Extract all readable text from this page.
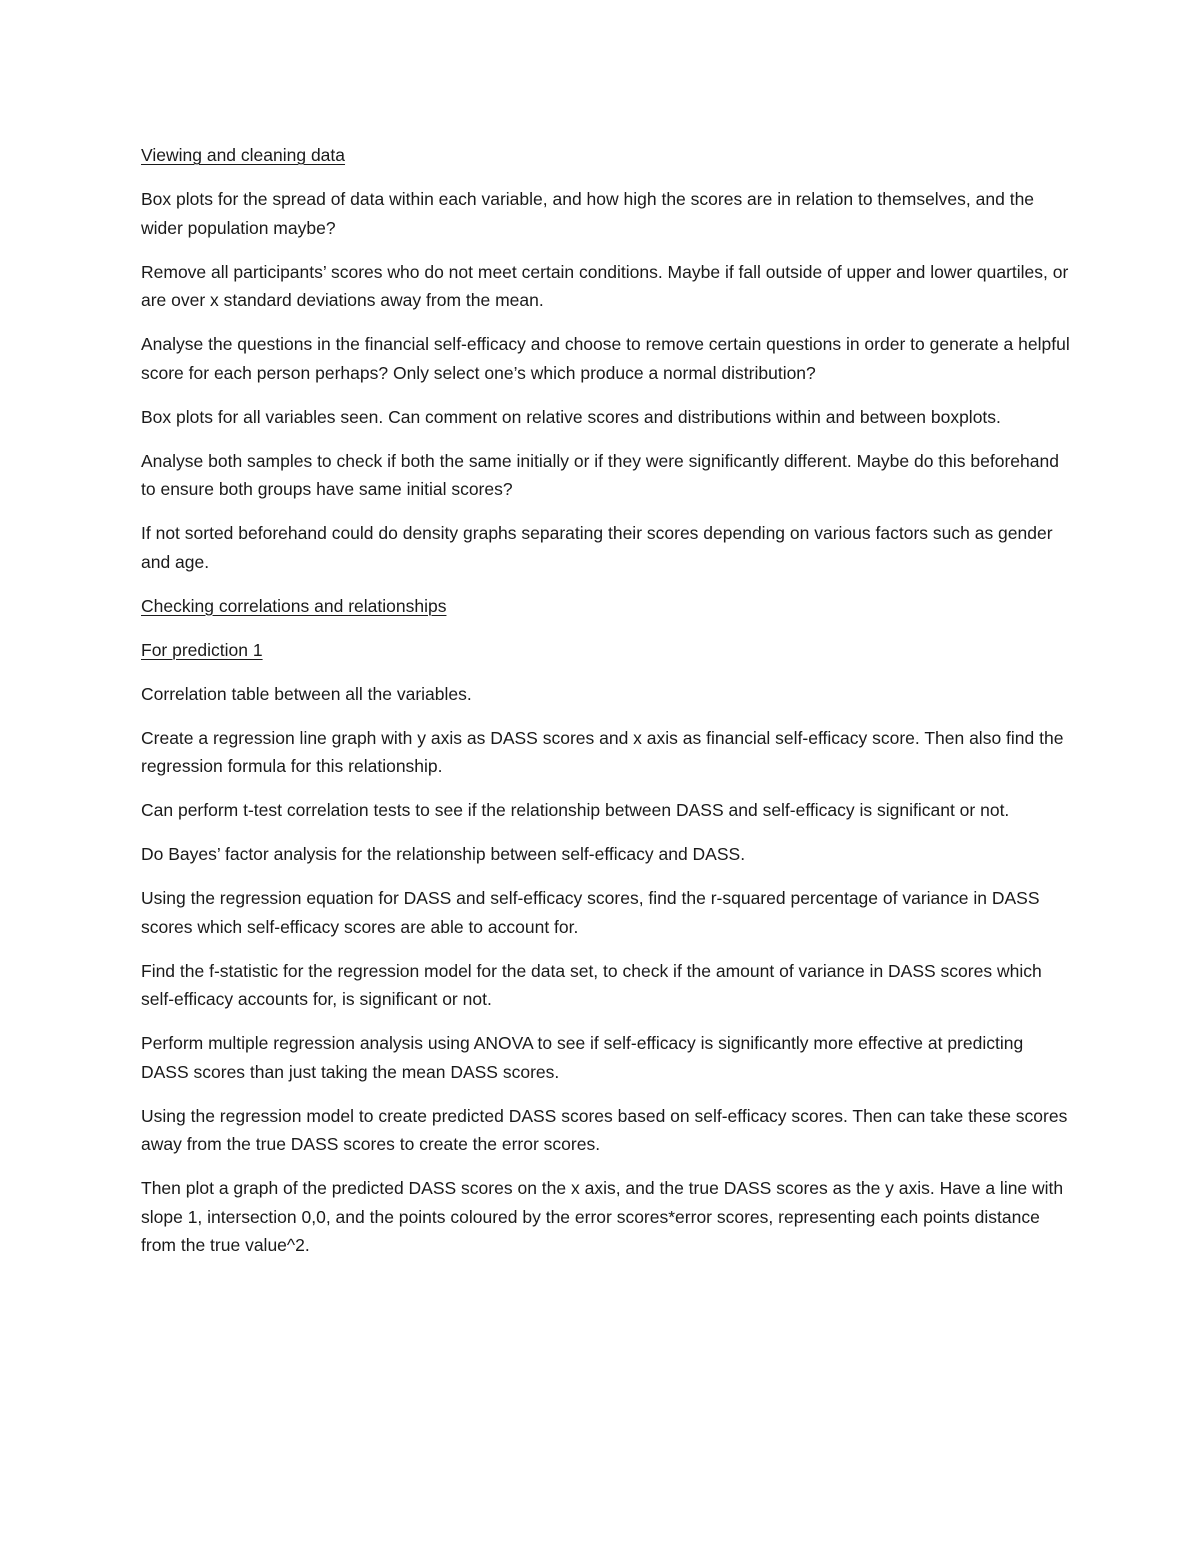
Viewing and cleaning data

Box plots for the spread of data within each variable, and how high the scores are in relation to themselves, and the wider population maybe?

Remove all participants’ scores who do not meet certain conditions. Maybe if fall outside of upper and lower quartiles, or are over x standard deviations away from the mean.

Analyse the questions in the financial self-efficacy and choose to remove certain questions in order to generate a helpful score for each person perhaps? Only select one’s which produce a normal distribution?

Box plots for all variables seen. Can comment on relative scores and distributions within and between boxplots.

Analyse both samples to check if both the same initially or if they were significantly different. Maybe do this beforehand to ensure both groups have same initial scores?

If not sorted beforehand could do density graphs separating their scores depending on various factors such as gender and age.

Checking correlations and relationships

For prediction 1

Correlation table between all the variables.

Create a regression line graph with y axis as DASS scores and x axis as financial self-efficacy score. Then also find the regression formula for this relationship.

Can perform t-test correlation tests to see if the relationship between DASS and self-efficacy is significant or not.

Do Bayes’ factor analysis for the relationship between self-efficacy and DASS.

Using the regression equation for DASS and self-efficacy scores, find the r-squared percentage of variance in DASS scores which self-efficacy scores are able to account for.

Find the f-statistic for the regression model for the data set, to check if the amount of variance in DASS scores which self-efficacy accounts for, is significant or not.

Perform multiple regression analysis using ANOVA to see if self-efficacy is significantly more effective at predicting DASS scores than just taking the mean DASS scores.

Using the regression model to create predicted DASS scores based on self-efficacy scores. Then can take these scores away from the true DASS scores to create the error scores.

Then plot a graph of the predicted DASS scores on the x axis, and the true DASS scores as the y axis. Have a line with slope 1, intersection 0,0, and the points coloured by the error scores*error scores, representing each points distance from the true value^2.
